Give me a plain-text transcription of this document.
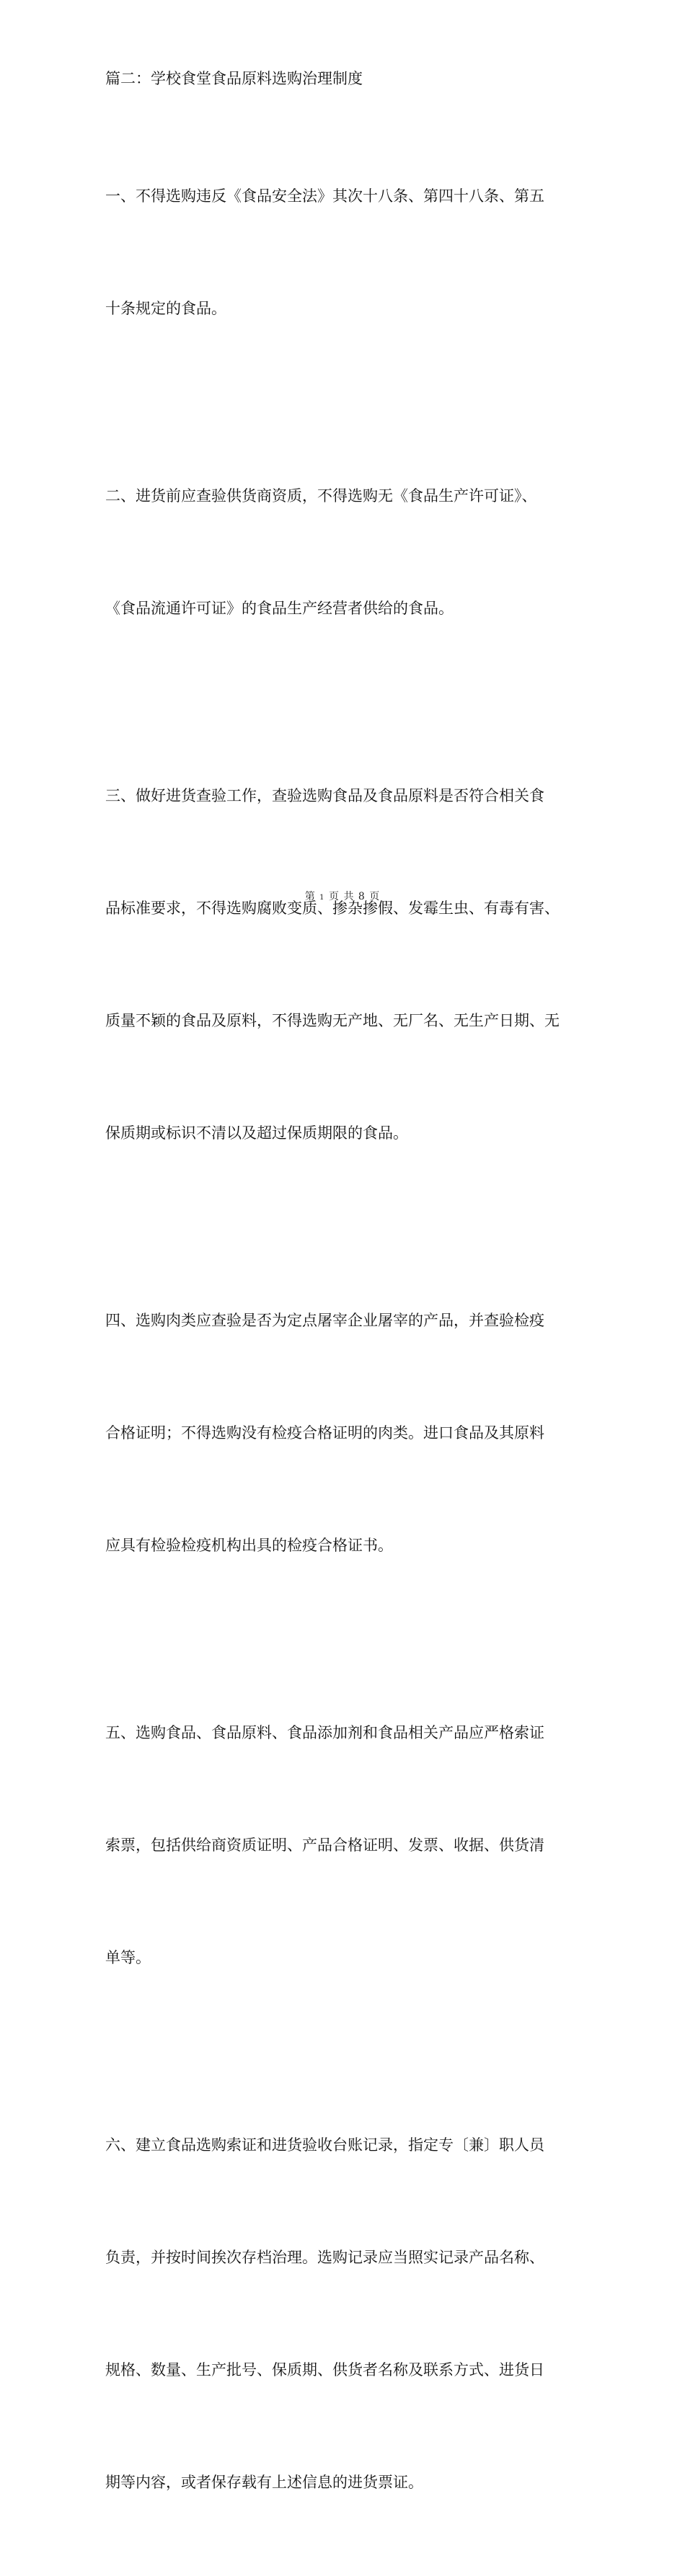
篇二：学校食堂食品原料选购治理制度

一、不得选购违反《食品安全法》其次十八条、第四十八条、第五

十条规定的食品。

二、进货前应查验供货商资质，不得选购无《食品生产许可证》、

《食品流通许可证》的食品生产经营者供给的食品。

三、做好进货查验工作，查验选购食品及食品原料是否符合相关食

品标准要求，不得选购腐败变质、掺杂掺假、发霉生虫、有毒有害、

质量不颖的食品及原料，不得选购无产地、无厂名、无生产日期、无

保质期或标识不清以及超过保质期限的食品。

四、选购肉类应查验是否为定点屠宰企业屠宰的产品，并查验检疫

合格证明；不得选购没有检疫合格证明的肉类。进口食品及其原料

应具有检验检疫机构出具的检疫合格证书。

五、选购食品、食品原料、食品添加剂和食品相关产品应严格索证

索票，包括供给商资质证明、产品合格证明、发票、收据、供货清

单等。

六、建立食品选购索证和进货验收台账记录，指定专〔兼〕职人员

负责，并按时间挨次存档治理。选购记录应当照实记录产品名称、

规格、数量、生产批号、保质期、供货者名称及联系方式、进货日

期等内容，或者保存载有上述信息的进货票证。

第 1 页 共 8 页
